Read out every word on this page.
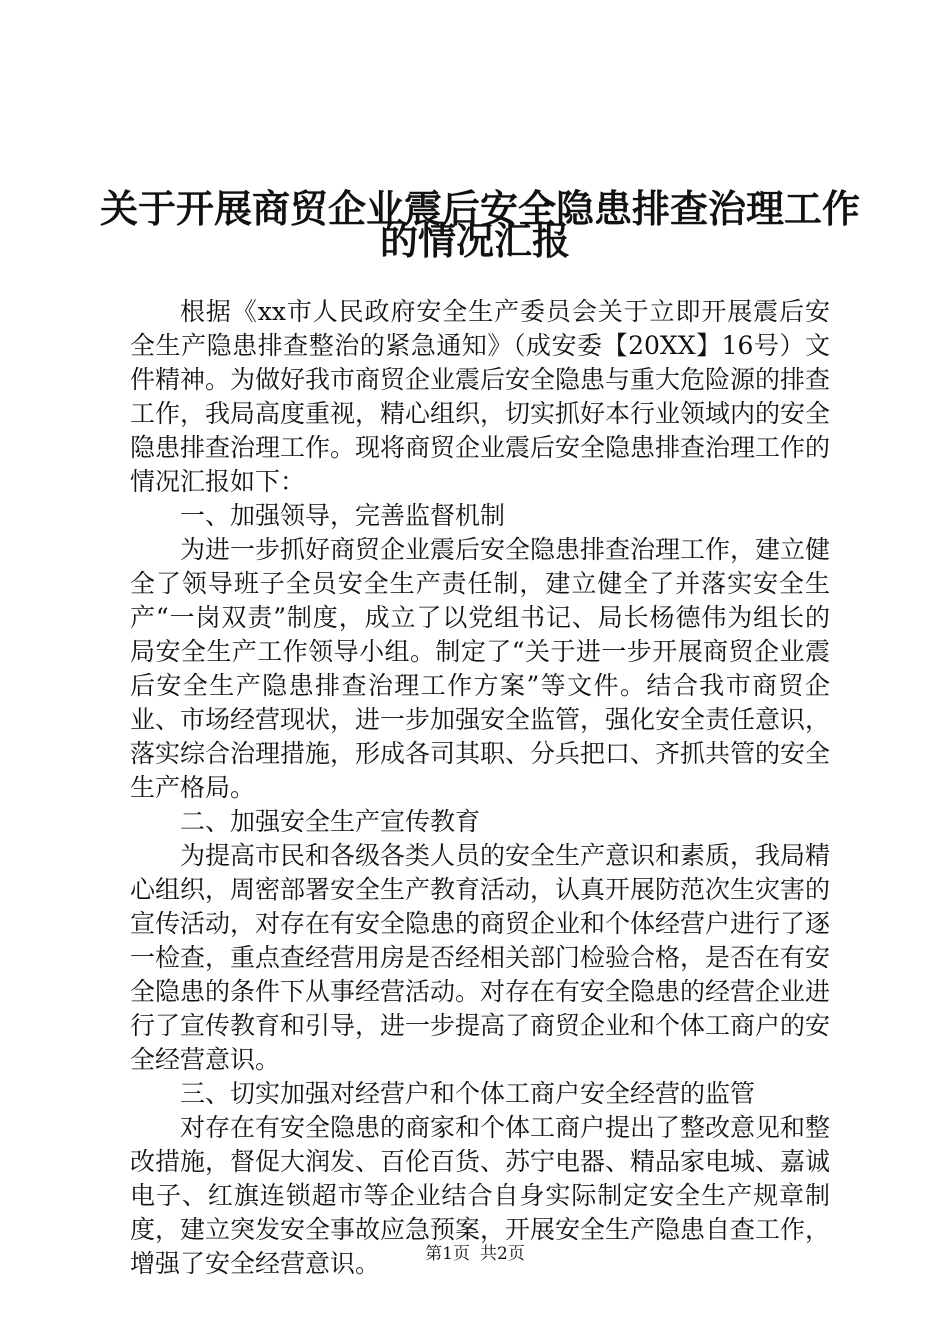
关于开展商贸企业震后安全隐患排查治理工作
的情况汇报

根据《xx市人民政府安全生产委员会关于立即开展震后安全生产隐患排查整治的紧急通知》（成安委【20XX】16号）文件精神。为做好我市商贸企业震后安全隐患与重大危险源的排查工作，我局高度重视，精心组织，切实抓好本行业领域内的安全隐患排查治理工作。现将商贸企业震后安全隐患排查治理工作的情况汇报如下：

一、加强领导，完善监督机制

为进一步抓好商贸企业震后安全隐患排查治理工作，建立健全了领导班子全员安全生产责任制，建立健全了并落实安全生产“一岗双责”制度，成立了以党组书记、局长杨德伟为组长的局安全生产工作领导小组。制定了“关于进一步开展商贸企业震后安全生产隐患排查治理工作方案”等文件。结合我市商贸企业、市场经营现状，进一步加强安全监管，强化安全责任意识，落实综合治理措施，形成各司其职、分兵把口、齐抓共管的安全生产格局。

二、加强安全生产宣传教育

为提高市民和各级各类人员的安全生产意识和素质，我局精心组织，周密部署安全生产教育活动，认真开展防范次生灾害的宣传活动，对存在有安全隐患的商贸企业和个体经营户进行了逐一检查，重点查经营用房是否经相关部门检验合格，是否在有安全隐患的条件下从事经营活动。对存在有安全隐患的经营企业进行了宣传教育和引导，进一步提高了商贸企业和个体工商户的安全经营意识。

三、切实加强对经营户和个体工商户安全经营的监管

对存在有安全隐患的商家和个体工商户提出了整改意见和整改措施，督促大润发、百伦百货、苏宁电器、精品家电城、嘉诚电子、红旗连锁超市等企业结合自身实际制定安全生产规章制度，建立突发安全事故应急预案，开展安全生产隐患自查工作，增强了安全经营意识。	第1页 共2页
